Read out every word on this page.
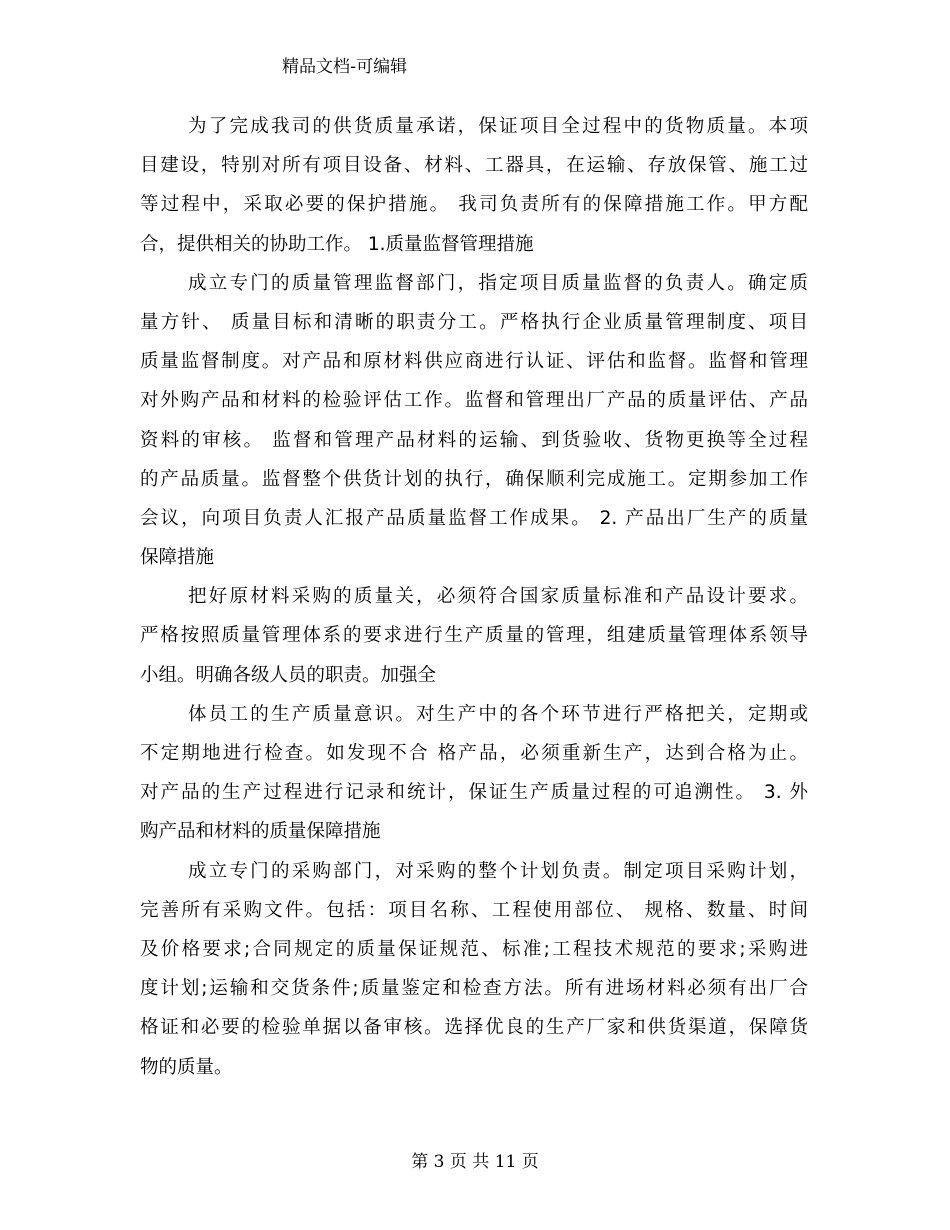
精品文档-可编辑
为了完成我司的供货质量承诺，保证项目全过程中的货物质量。本项
目建设，特别对所有项目设备、材料、工器具，在运输、存放保管、施工过
等过程中，采取必要的保护措施。 我司负责所有的保障措施工作。甲方配
合，提供相关的协助工作。 1.质量监督管理措施
成立专门的质量管理监督部门，指定项目质量监督的负责人。确定质
量方针、 质量目标和清晰的职责分工。严格执行企业质量管理制度、项目
质量监督制度。对产品和原材料供应商进行认证、评估和监督。监督和管理
对外购产品和材料的检验评估工作。监督和管理出厂产品的质量评估、产品
资料的审核。 监督和管理产品材料的运输、到货验收、货物更换等全过程
的产品质量。监督整个供货计划的执行，确保顺利完成施工。定期参加工作
会议，向项目负责人汇报产品质量监督工作成果。 2. 产品出厂生产的质量
保障措施
把好原材料采购的质量关，必须符合国家质量标准和产品设计要求。
严格按照质量管理体系的要求进行生产质量的管理，组建质量管理体系领导
小组。明确各级人员的职责。加强全
体员工的生产质量意识。对生产中的各个环节进行严格把关，定期或
不定期地进行检查。如发现不合 格产品，必须重新生产，达到合格为止。
对产品的生产过程进行记录和统计，保证生产质量过程的可追溯性。 3. 外
购产品和材料的质量保障措施
成立专门的采购部门，对采购的整个计划负责。制定项目采购计划，
完善所有采购文件。包括：项目名称、工程使用部位、 规格、数量、时间
及价格要求;合同规定的质量保证规范、标准;工程技术规范的要求;采购进
度计划;运输和交货条件;质量鉴定和检查方法。所有进场材料必须有出厂合
格证和必要的检验单据以备审核。选择优良的生产厂家和供货渠道，保障货
物的质量。
第 3 页 共 11 页
